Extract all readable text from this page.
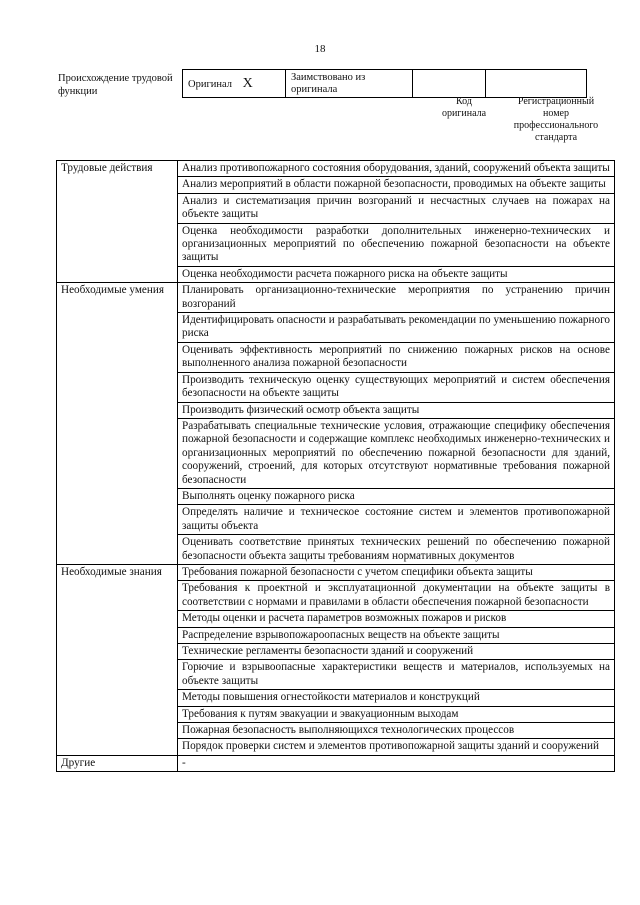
18
Происхождение трудовой функции
Оригинал X	Заимствовано из оригинала		
Код оригинала
Регистрационный номер профессионального стандарта
Трудовые действия	Анализ противопожарного состояния оборудования, зданий, сооружений объекта защиты
	Анализ мероприятий в области пожарной безопасности, проводимых на объекте защиты
	Анализ и систематизация причин возгораний и несчастных случаев на пожарах на объекте защиты
	Оценка необходимости разработки дополнительных инженерно-технических и организационных мероприятий по обеспечению пожарной безопасности на объекте защиты
	Оценка необходимости расчета пожарного риска на объекте защиты
Необходимые умения	Планировать организационно-технические мероприятия по устранению причин возгораний
	Идентифицировать опасности и разрабатывать рекомендации по уменьшению пожарного риска
	Оценивать эффективность мероприятий по снижению пожарных рисков на основе выполненного анализа пожарной безопасности
	Производить техническую оценку существующих мероприятий и систем обеспечения безопасности на объекте защиты
	Производить физический осмотр объекта защиты
	Разрабатывать специальные технические условия, отражающие специфику обеспечения пожарной безопасности и содержащие комплекс необходимых инженерно-технических и организационных мероприятий по обеспечению пожарной безопасности для зданий, сооружений, строений, для которых отсутствуют нормативные требования пожарной безопасности
	Выполнять оценку пожарного риска
	Определять наличие и техническое состояние систем и элементов противопожарной защиты объекта
	Оценивать соответствие принятых технических решений по обеспечению пожарной безопасности объекта защиты требованиям нормативных документов
Необходимые знания	Требования пожарной безопасности с учетом специфики объекта защиты
	Требования к проектной и эксплуатационной документации на объекте защиты в соответствии с нормами и правилами в области обеспечения пожарной безопасности
	Методы оценки и расчета параметров возможных пожаров и рисков
	Распределение взрывопожароопасных веществ на объекте защиты
	Технические регламенты безопасности зданий и сооружений
	Горючие и взрывоопасные характеристики веществ и материалов, используемых на объекте защиты
	Методы повышения огнестойкости материалов и конструкций
	Требования к путям эвакуации и эвакуационным выходам
	Пожарная безопасность выполняющихся технологических процессов
	Порядок проверки систем и элементов противопожарной защиты зданий и сооружений
Другие	-
